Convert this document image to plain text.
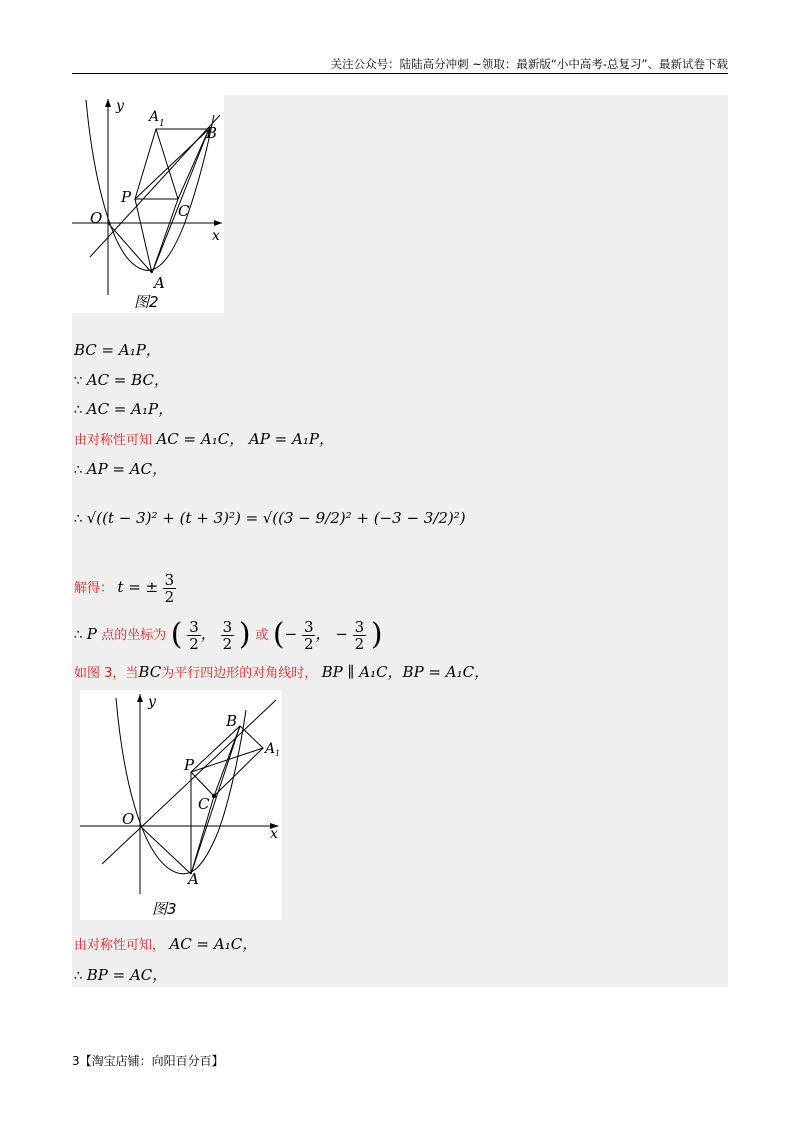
关注公众号：陆陆高分冲刺 ~领取：最新版“小中高考-总复习”、最新试卷下载
y
x
O
P
A 1	B
C
A
图2
BC = A₁P，
∵ AC = BC，
∴ AC = A₁P，
由对称性可知 AC = A₁C， AP = A₁P，
∴ AP = AC，
∴ √((t − 3)² + (t + 3)²) = √((3 − 9/2)² + (−3 − 3/2)²)
解得： t = ± $\frac{3}{2}$
∴ P 点的坐标为 ( $\frac{3}{2}$ ， $\frac{3}{2}$ ) 或 (− $\frac{3}{2}$ ， − $\frac{3}{2}$ )
如图 3，当BC为平行四边形的对角线时， BP ∥ A₁C，BP = A₁C，
y
x
O
P
B
A 1
C
A
图3
由对称性可知， AC = A₁C，
∴ BP = AC，
3【淘宝店铺：向阳百分百】
